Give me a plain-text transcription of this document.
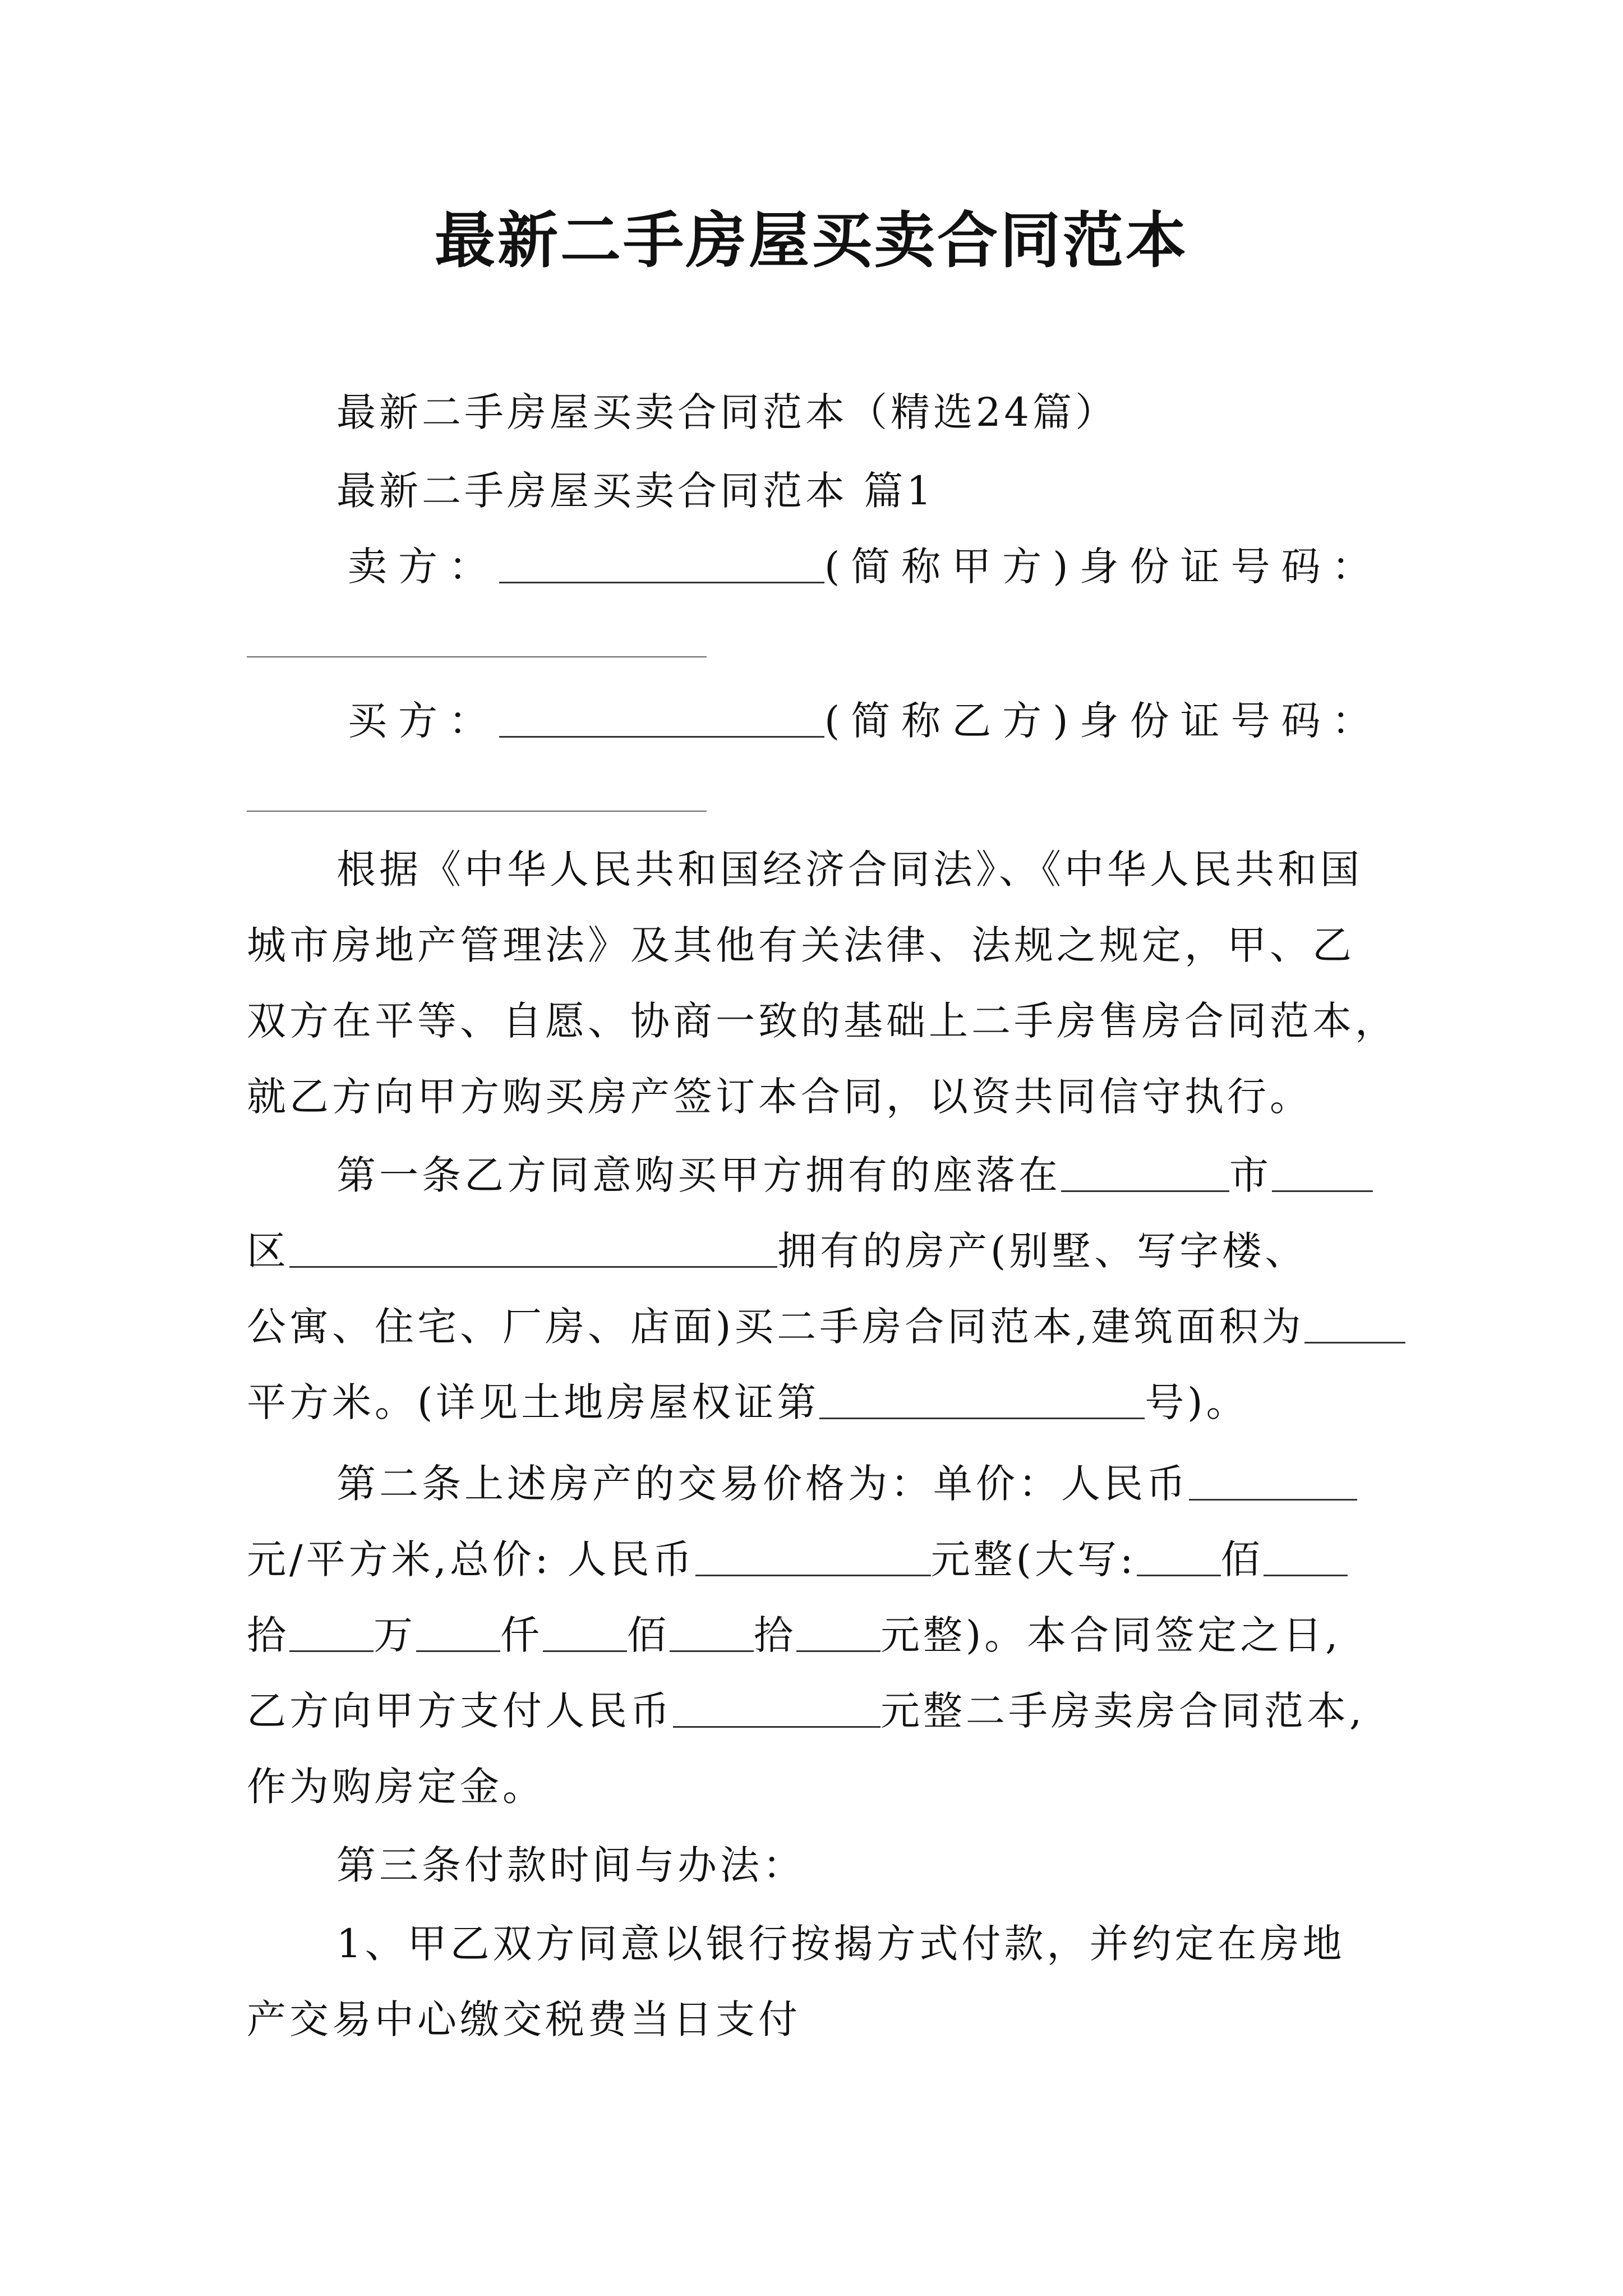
最新二手房屋买卖合同范本
最新二手房屋买卖合同范本（精选24篇）
最新二手房屋买卖合同范本 篇1
卖方：	(简称甲方)身份证号码：
买方：	(简称乙方)身份证号码：
根据《中华人民共和国经济合同法》、《中华人民共和国
城市房地产管理法》及其他有关法律、法规之规定，甲、乙
双方在平等、自愿、协商一致的基础上二手房售房合同范本，
就乙方向甲方购买房产签订本合同，以资共同信守执行。
第一条乙方同意购买甲方拥有的座落在	市
区	拥有的房产(别墅、写字楼、
公寓、住宅、厂房、店面)买二手房合同范本,建筑面积为
平方米。(详见土地房屋权证第	号)。
第二条上述房产的交易价格为：单价：人民币
元/平方米,总价: 人民币	元整(大写: 佰
拾 万 仟 佰 拾 元整)。本合同签定之日,
乙方向甲方支付人民币	元整二手房卖房合同范本,
作为购房定金。
第三条付款时间与办法：
1、甲乙双方同意以银行按揭方式付款，并约定在房地
产交易中心缴交税费当日支付
